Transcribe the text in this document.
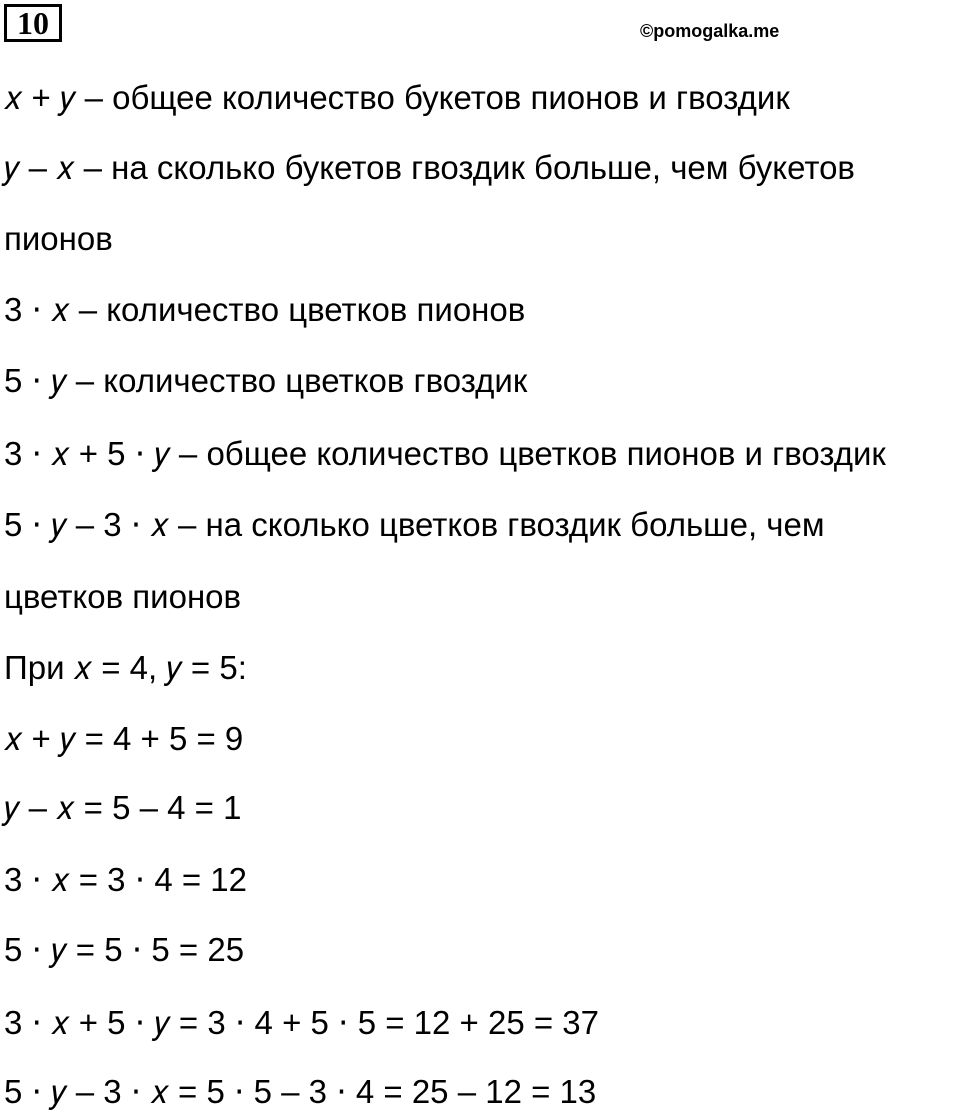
10	©pomogalka.me
𝑥 + 𝑦 – общее количество букетов пионов и гвоздик
𝑦 – 𝑥 – на сколько букетов гвоздик больше, чем букетов
пионов
3 ⋅ 𝑥 – количество цветков пионов
5 ⋅ 𝑦 – количество цветков гвоздик
3 ⋅ 𝑥 + 5 ⋅ 𝑦 – общее количество цветков пионов и гвоздик
5 ⋅ 𝑦 – 3 ⋅ 𝑥 – на сколько цветков гвоздик больше, чем
цветков пионов
При 𝑥 = 4, 𝑦 = 5:
𝑥 + 𝑦 = 4 + 5 = 9
𝑦 – 𝑥 = 5 – 4 = 1
3 ⋅ 𝑥 = 3 ⋅ 4 = 12
5 ⋅ 𝑦 = 5 ⋅ 5 = 25
3 ⋅ 𝑥 + 5 ⋅ 𝑦 = 3 ⋅ 4 + 5 ⋅ 5 = 12 + 25 = 37
5 ⋅ 𝑦 – 3 ⋅ 𝑥 = 5 ⋅ 5 – 3 ⋅ 4 = 25 – 12 = 13
